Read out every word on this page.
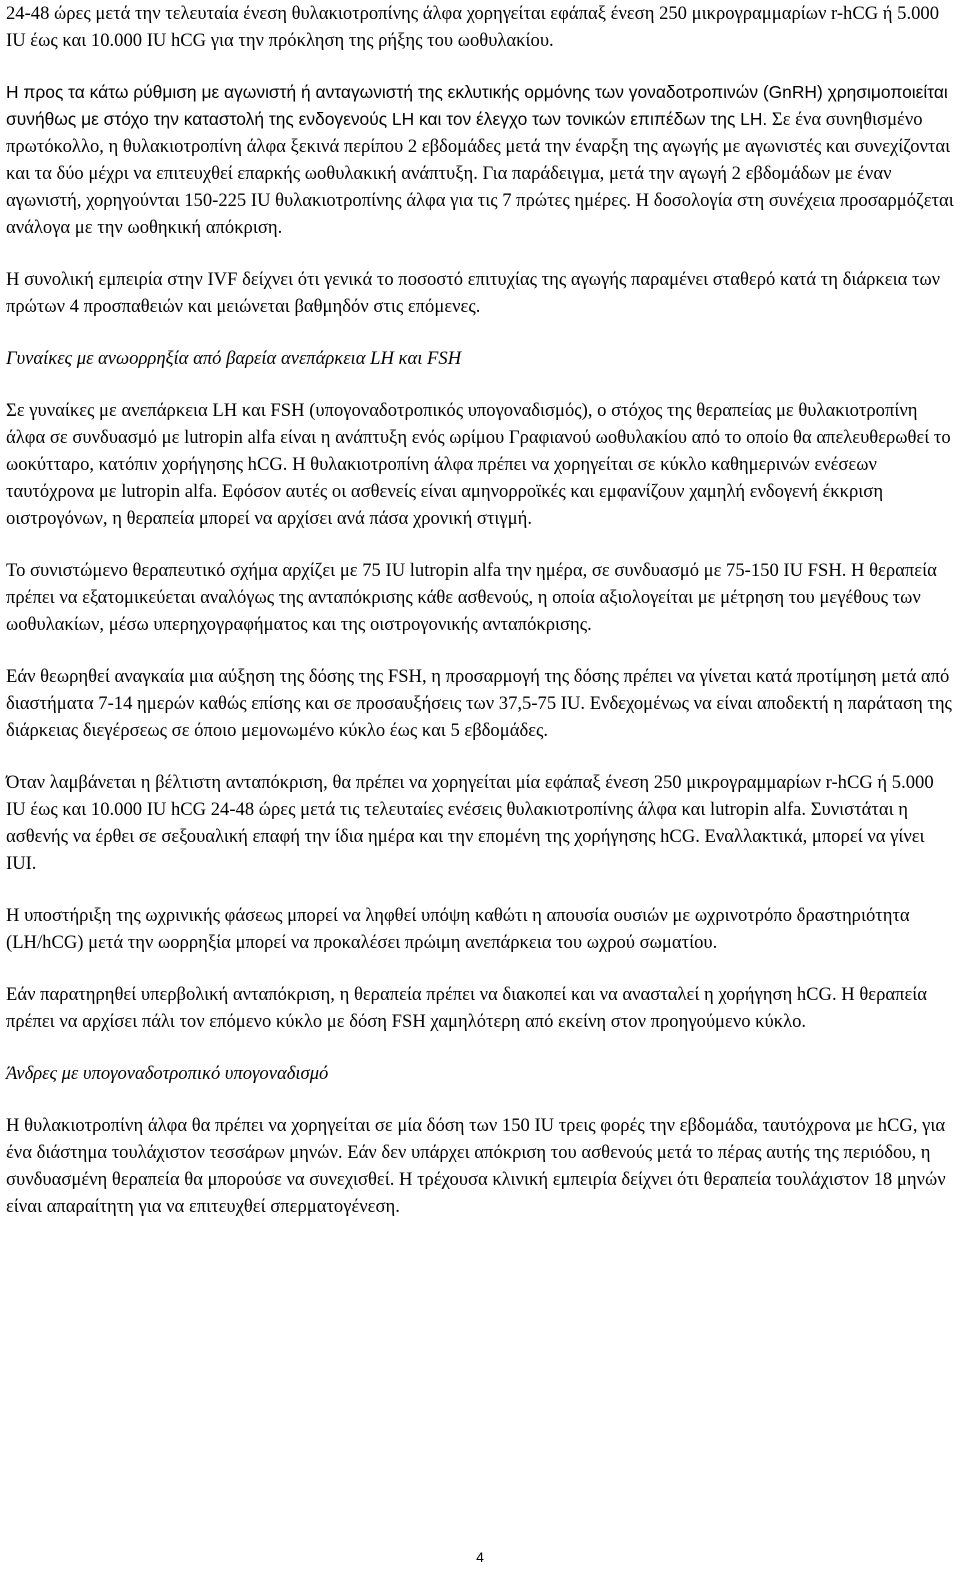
24-48 ώρες μετά την τελευταία ένεση θυλακιοτροπίνης άλφα χορηγείται εφάπαξ ένεση 250 μικρογραμμαρίων r-hCG ή 5.000 IU έως και 10.000 IU hCG για την πρόκληση της ρήξης του ωοθυλακίου.

Η προς τα κάτω ρύθμιση με αγωνιστή ή ανταγωνιστή της εκλυτικής ορμόνης των γοναδοτροπινών (GnRH) χρησιμοποιείται συνήθως με στόχο την καταστολή της ενδογενούς LH και τον έλεγχο των τονικών επιπέδων της LH. Σε ένα συνηθισμένο πρωτόκολλο, η θυλακιοτροπίνη άλφα ξεκινά περίπου 2 εβδομάδες μετά την έναρξη της αγωγής με αγωνιστές και συνεχίζονται και τα δύο μέχρι να επιτευχθεί επαρκής ωοθυλακική ανάπτυξη. Για παράδειγμα, μετά την αγωγή 2 εβδομάδων με έναν αγωνιστή, χορηγούνται 150-225 IU θυλακιοτροπίνης άλφα για τις 7 πρώτες ημέρες. Η δοσολογία στη συνέχεια προσαρμόζεται ανάλογα με την ωοθηκική απόκριση.

Η συνολική εμπειρία στην IVF δείχνει ότι γενικά το ποσοστό επιτυχίας της αγωγής παραμένει σταθερό κατά τη διάρκεια των πρώτων 4 προσπαθειών και μειώνεται βαθμηδόν στις επόμενες.

Γυναίκες με ανωορρηξία από βαρεία ανεπάρκεια LH και FSH

Σε γυναίκες με ανεπάρκεια LH και FSH (υπογοναδοτροπικός υπογοναδισμός), ο στόχος της θεραπείας με θυλακιοτροπίνη άλφα σε συνδυασμό με lutropin alfa είναι η ανάπτυξη ενός ωρίμου Γραφιανού ωοθυλακίου από το οποίο θα απελευθερωθεί το ωοκύτταρο, κατόπιν χορήγησης hCG. Η θυλακιοτροπίνη άλφα πρέπει να χορηγείται σε κύκλο καθημερινών ενέσεων ταυτόχρονα με lutropin alfa. Εφόσον αυτές οι ασθενείς είναι αμηνορροϊκές και εμφανίζουν χαμηλή ενδογενή έκκριση οιστρογόνων, η θεραπεία μπορεί να αρχίσει ανά πάσα χρονική στιγμή.

Το συνιστώμενο θεραπευτικό σχήμα αρχίζει με 75 IU lutropin alfa την ημέρα, σε συνδυασμό με 75-150 IU FSH. Η θεραπεία πρέπει να εξατομικεύεται αναλόγως της ανταπόκρισης κάθε ασθενούς, η οποία αξιολογείται με μέτρηση του μεγέθους των ωοθυλακίων, μέσω υπερηχογραφήματος και της οιστρογονικής ανταπόκρισης.

Εάν θεωρηθεί αναγκαία μια αύξηση της δόσης της FSH, η προσαρμογή της δόσης πρέπει να γίνεται κατά προτίμηση μετά από διαστήματα 7-14 ημερών καθώς επίσης και σε προσαυξήσεις των 37,5-75 IU. Ενδεχομένως να είναι αποδεκτή η παράταση της διάρκειας διεγέρσεως σε όποιο μεμονωμένο κύκλο έως και 5 εβδομάδες.

Όταν λαμβάνεται η βέλτιστη ανταπόκριση, θα πρέπει να χορηγείται μία εφάπαξ ένεση 250 μικρογραμμαρίων r-hCG ή 5.000 IU έως και 10.000 IU hCG 24-48 ώρες μετά τις τελευταίες ενέσεις θυλακιοτροπίνης άλφα και lutropin alfa. Συνιστάται η ασθενής να έρθει σε σεξουαλική επαφή την ίδια ημέρα και την επομένη της χορήγησης hCG. Εναλλακτικά, μπορεί να γίνει IUI.

Η υποστήριξη της ωχρινικής φάσεως μπορεί να ληφθεί υπόψη καθώτι η απουσία ουσιών με ωχρινοτρόπο δραστηριότητα (LH/hCG) μετά την ωορρηξία μπορεί να προκαλέσει πρώιμη ανεπάρκεια του ωχρού σωματίου.

Εάν παρατηρηθεί υπερβολική ανταπόκριση, η θεραπεία πρέπει να διακοπεί και να ανασταλεί η χορήγηση hCG. Η θεραπεία πρέπει να αρχίσει πάλι τον επόμενο κύκλο με δόση FSH χαμηλότερη από εκείνη στον προηγούμενο κύκλο.

Άνδρες με υπογοναδοτροπικό υπογοναδισμό

Η θυλακιοτροπίνη άλφα θα πρέπει να χορηγείται σε μία δόση των 150 IU τρεις φορές την εβδομάδα, ταυτόχρονα με hCG, για ένα διάστημα τουλάχιστον τεσσάρων μηνών. Εάν δεν υπάρχει απόκριση του ασθενούς μετά το πέρας αυτής της περιόδου, η συνδυασμένη θεραπεία θα μπορούσε να συνεχισθεί. Η τρέχουσα κλινική εμπειρία δείχνει ότι θεραπεία τουλάχιστον 18 μηνών είναι απαραίτητη για να επιτευχθεί σπερματογένεση.

4
